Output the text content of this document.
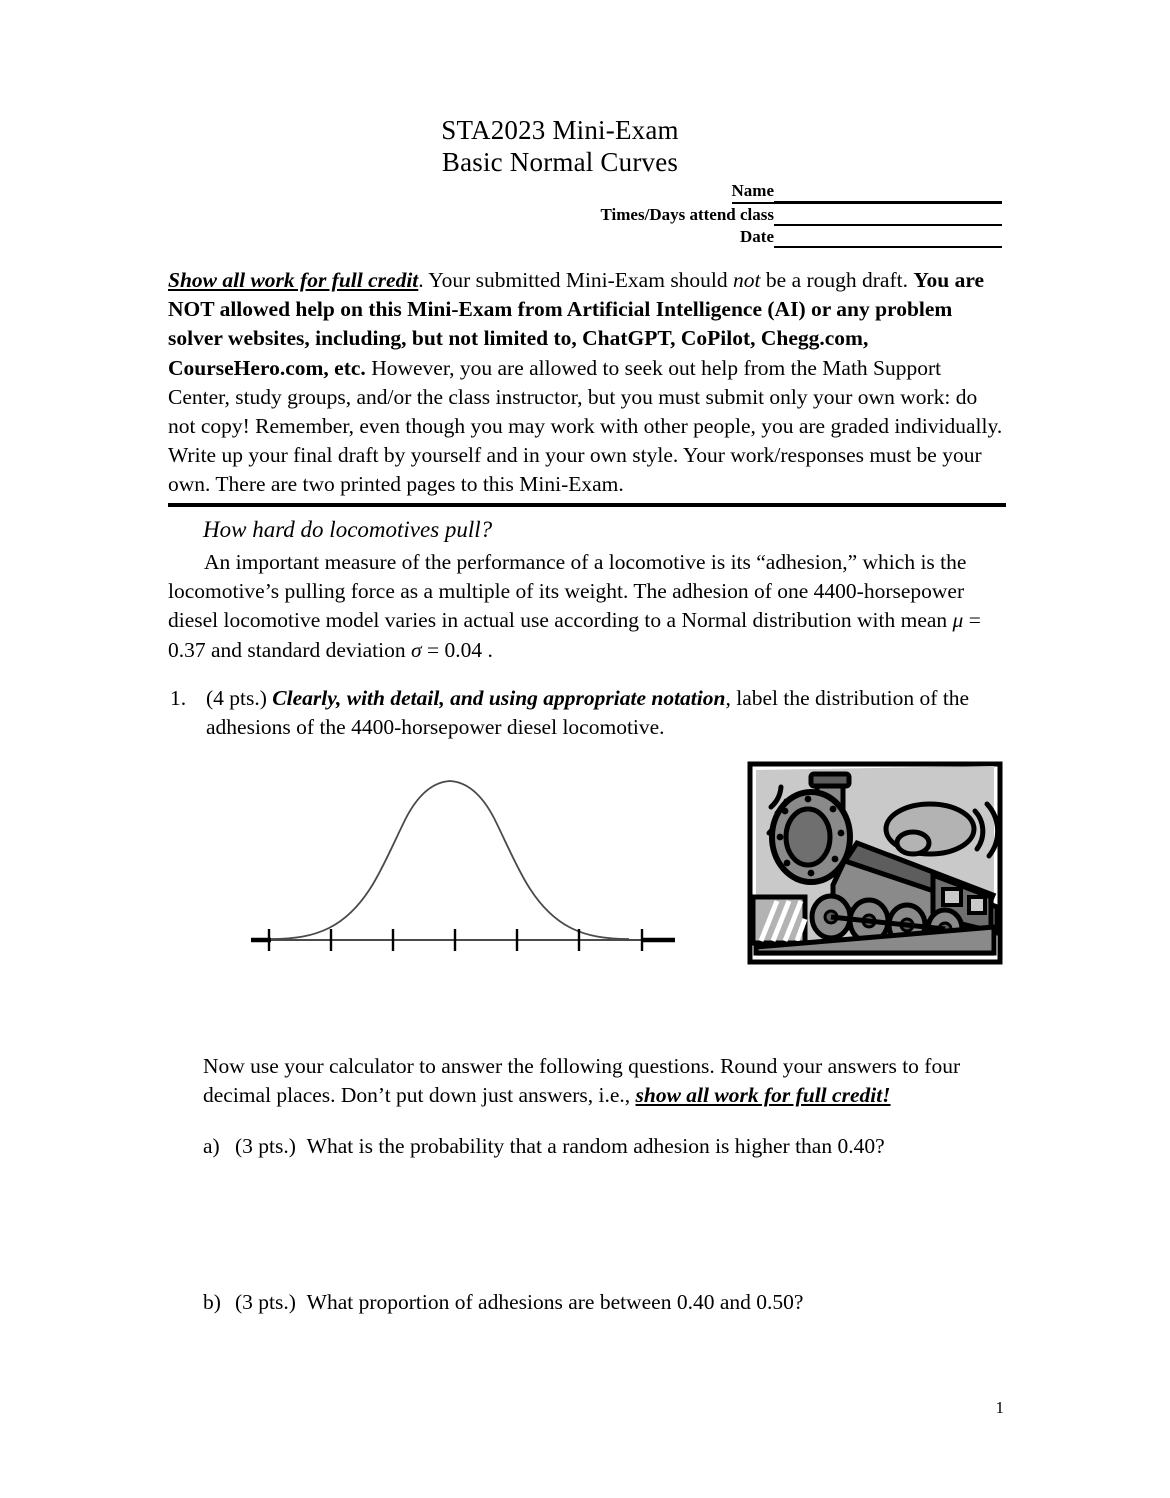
STA2023 Mini-Exam
Basic Normal Curves
Name
Times/Days attend class
Date
Show all work for full credit. Your submitted Mini-Exam should not be a rough draft. You are NOT allowed help on this Mini-Exam from Artificial Intelligence (AI) or any problem solver websites, including, but not limited to, ChatGPT, CoPilot, Chegg.com, CourseHero.com, etc. However, you are allowed to seek out help from the Math Support Center, study groups, and/or the class instructor, but you must submit only your own work: do not copy! Remember, even though you may work with other people, you are graded individually. Write up your final draft by yourself and in your own style. Your work/responses must be your own. There are two printed pages to this Mini-Exam.
How hard do locomotives pull?
An important measure of the performance of a locomotive is its “adhesion,” which is the locomotive’s pulling force as a multiple of its weight. The adhesion of one 4400-horsepower diesel locomotive model varies in actual use according to a Normal distribution with mean μ = 0.37 and standard deviation σ = 0.04 .
1. (4 pts.) Clearly, with detail, and using appropriate notation, label the distribution of the adhesions of the 4400-horsepower diesel locomotive.
Now use your calculator to answer the following questions. Round your answers to four decimal places. Don’t put down just answers, i.e., show all work for full credit!
a) (3 pts.) What is the probability that a random adhesion is higher than 0.40?
b) (3 pts.) What proportion of adhesions are between 0.40 and 0.50?
1
